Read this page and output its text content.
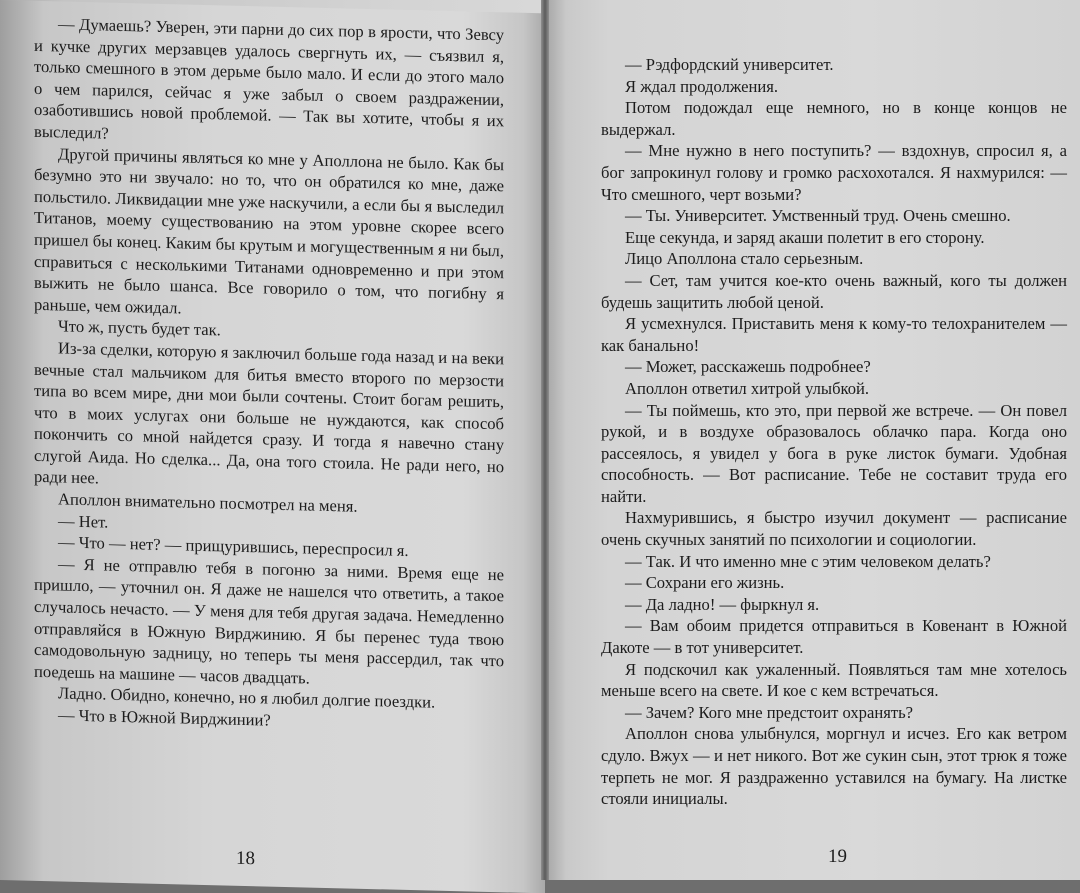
— Думаешь? Уверен, эти парни до сих пор в ярости, что Зевсу и кучке других мерзавцев удалось свергнуть их, — съязвил я, только смешного в этом дерьме было мало. И если до этого мало о чем парился, сейчас я уже забыл о своем раздражении, озаботившись новой проблемой. — Так вы хотите, чтобы я их выследил?

Другой причины являться ко мне у Аполлона не было. Как бы безумно это ни звучало: но то, что он обратился ко мне, даже польстило. Ликвидации мне уже наскучили, а если бы я выследил Титанов, моему существованию на этом уровне скорее всего пришел бы конец. Каким бы крутым и могущественным я ни был, справиться с несколькими Титанами одновременно и при этом выжить не было шанса. Все говорило о том, что погибну я раньше, чем ожидал.

Что ж, пусть будет так.

Из-за сделки, которую я заключил больше года назад и на веки вечные стал мальчиком для битья вместо второго по мерзости типа во всем мире, дни мои были сочтены. Стоит богам решить, что в моих услугах они больше не нуждаются, как способ покончить со мной найдется сразу. И тогда я навечно стану слугой Аида. Но сделка... Да, она того стоила. Не ради него, но ради нее.

Аполлон внимательно посмотрел на меня.

— Нет.

— Что — нет? — прищурившись, переспросил я.

— Я не отправлю тебя в погоню за ними. Время еще не пришло, — уточнил он. Я даже не нашелся что ответить, а такое случалось нечасто. — У меня для тебя другая задача. Немедленно отправляйся в Южную Вирджинию. Я бы перенес туда твою самодовольную задницу, но теперь ты меня рассердил, так что поедешь на машине — часов двадцать.

Ладно. Обидно, конечно, но я любил долгие поездки.

— Что в Южной Вирджинии?

18

— Рэдфордский университет.

Я ждал продолжения.

Потом подождал еще немного, но в конце концов не выдержал.

— Мне нужно в него поступить? — вздохнув, спросил я, а бог запрокинул голову и громко расхохотался. Я нахмурился: — Что смешного, черт возьми?

— Ты. Университет. Умственный труд. Очень смешно.

Еще секунда, и заряд акаши полетит в его сторону.

Лицо Аполлона стало серьезным.

— Сет, там учится кое-кто очень важный, кого ты должен будешь защитить любой ценой.

Я усмехнулся. Приставить меня к кому-то телохранителем — как банально!

— Может, расскажешь подробнее?

Аполлон ответил хитрой улыбкой.

— Ты поймешь, кто это, при первой же встрече. — Он повел рукой, и в воздухе образовалось облачко пара. Когда оно рассеялось, я увидел у бога в руке листок бумаги. Удобная способность. — Вот расписание. Тебе не составит труда его найти.

Нахмурившись, я быстро изучил документ — расписание очень скучных занятий по психологии и социологии.

— Так. И что именно мне с этим человеком делать?

— Сохрани его жизнь.

— Да ладно! — фыркнул я.

— Вам обоим придется отправиться в Ковенант в Южной Дакоте — в тот университет.

Я подскочил как ужаленный. Появляться там мне хотелось меньше всего на свете. И кое с кем встречаться.

— Зачем? Кого мне предстоит охранять?

Аполлон снова улыбнулся, моргнул и исчез. Его как ветром сдуло. Вжух — и нет никого. Вот же сукин сын, этот трюк я тоже терпеть не мог. Я раздраженно уставился на бумагу. На листке стояли инициалы.

19
